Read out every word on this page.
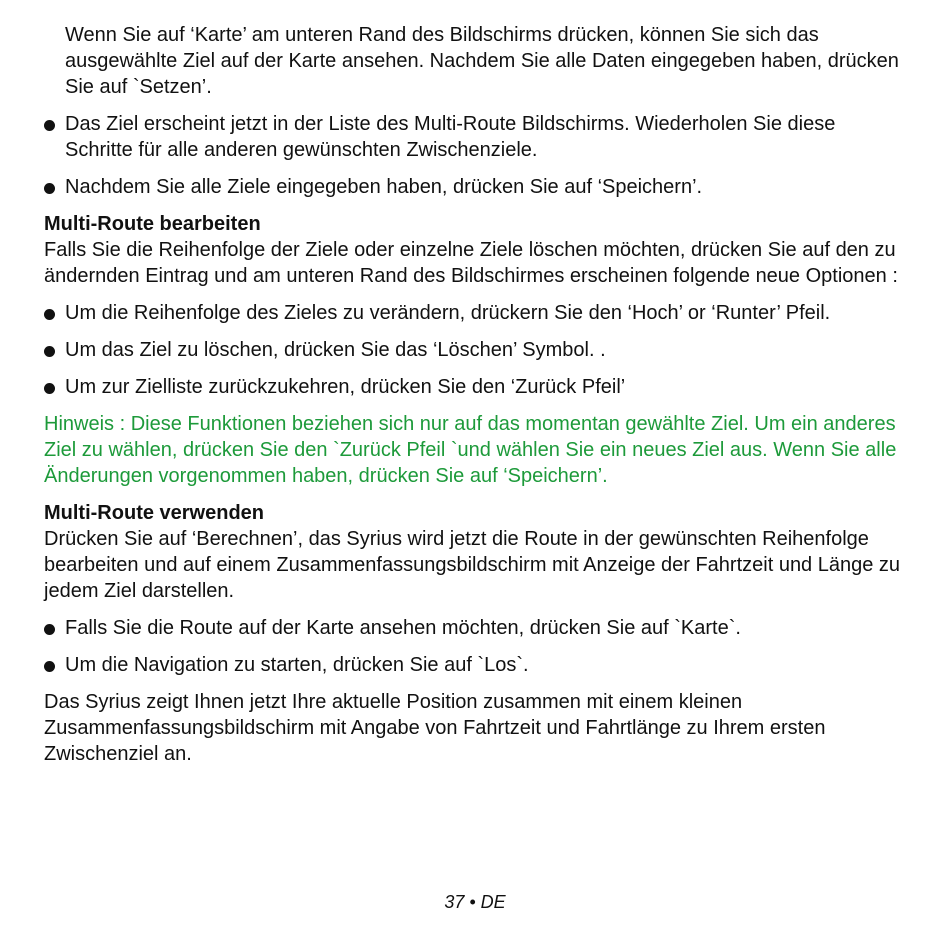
Wenn Sie auf ‘Karte’ am unteren Rand des Bildschirms drücken, können Sie sich das ausgewählte Ziel auf der Karte ansehen. Nachdem Sie alle Daten eingegeben haben, drücken Sie auf `Setzen’.

Das Ziel erscheint jetzt in der Liste des Multi-Route Bildschirms. Wiederholen Sie diese Schritte für alle anderen gewünschten Zwischenziele.
Nachdem Sie alle Ziele eingegeben haben, drücken Sie auf ‘Speichern’.
Multi-Route bearbeiten

Falls Sie die Reihenfolge der Ziele oder einzelne Ziele löschen möchten, drücken Sie auf den zu ändernden Eintrag und am unteren Rand des Bildschirmes erscheinen folgende neue Optionen :

Um die Reihenfolge des Zieles zu verändern, drückern Sie den ‘Hoch’ or ‘Runter’ Pfeil.
Um das Ziel zu löschen, drücken Sie das ‘Löschen’ Symbol. .
Um zur Zielliste zurückzukehren, drücken Sie den ‘Zurück Pfeil’

Hinweis : Diese Funktionen beziehen sich nur auf das momentan gewählte Ziel. Um ein anderes Ziel zu wählen, drücken Sie den `Zurück Pfeil `und wählen Sie ein neues Ziel aus. Wenn Sie alle Änderungen vorgenommen haben, drücken Sie auf ‘Speichern’.

Multi-Route verwenden

Drücken Sie auf ‘Berechnen’, das Syrius wird jetzt die Route in der gewünschten Reihenfolge bearbeiten und auf einem Zusammenfassungsbildschirm mit Anzeige der Fahrtzeit und Länge zu jedem Ziel darstellen.

Falls Sie die Route auf der Karte ansehen möchten, drücken Sie auf `Karte`.
Um die Navigation zu starten, drücken Sie auf `Los`.

Das Syrius zeigt Ihnen jetzt Ihre aktuelle Position zusammen mit einem kleinen Zusammenfassungsbildschirm mit Angabe von Fahrtzeit und Fahrtlänge zu Ihrem ersten Zwischenziel an.

37 • DE
